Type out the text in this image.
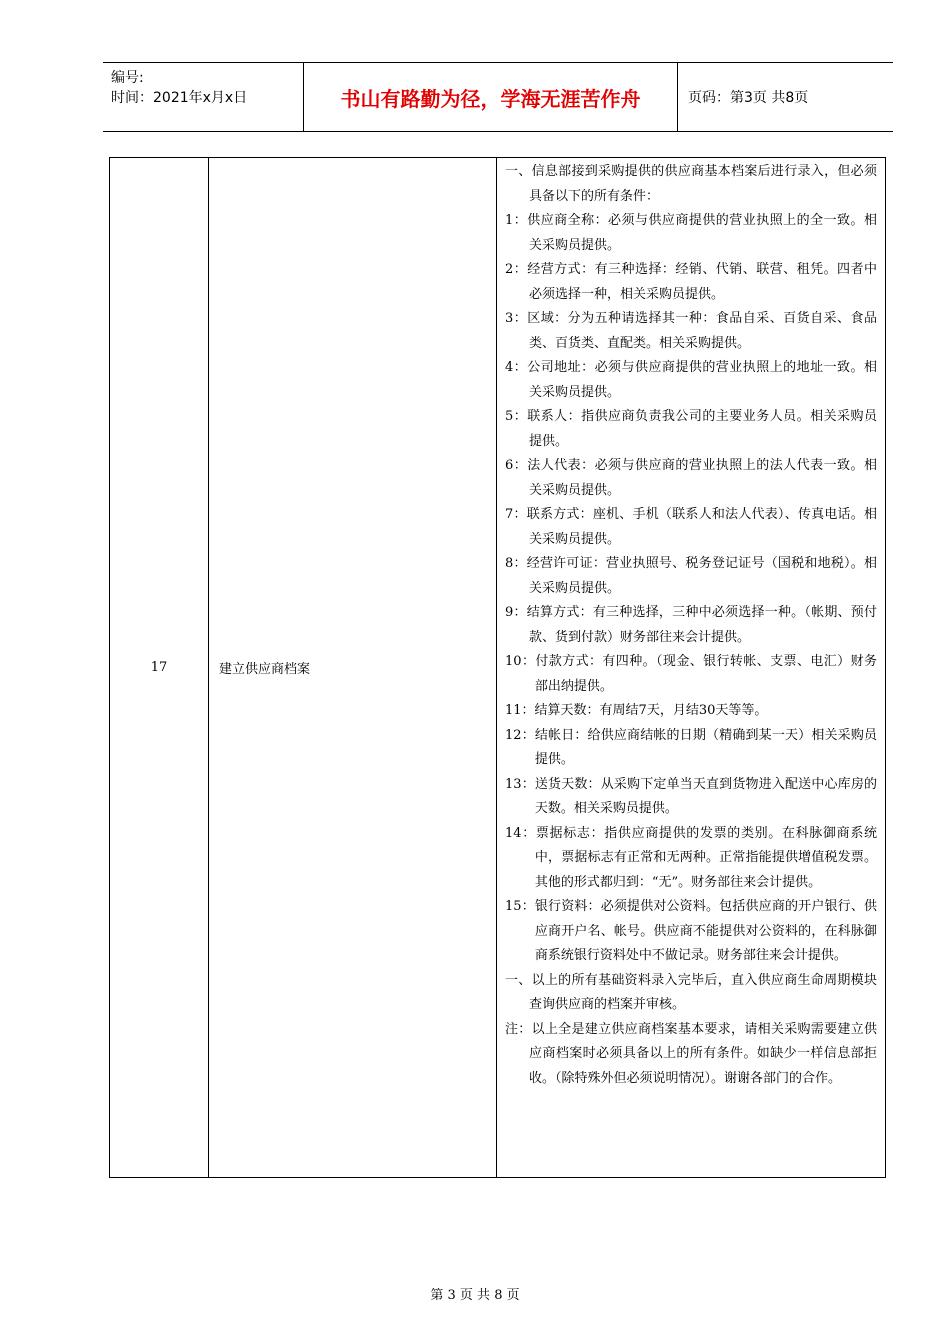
编号:
时间：2021年x月x日	书山有路勤为径，学海无涯苦作舟	页码：第3页 共8页
17	建立供应商档案
一、信息部接到采购提供的供应商基本档案后进行录入，但必须具备以下的所有条件：
1：供应商全称：必须与供应商提供的营业执照上的全一致。相关采购员提供。
2：经营方式：有三种选择：经销、代销、联营、租凭。四者中必须选择一种，相关采购员提供。
3：区域：分为五种请选择其一种：食品自采、百货自采、食品类、百货类、直配类。相关采购提供。
4：公司地址：必须与供应商提供的营业执照上的地址一致。相关采购员提供。
5：联系人：指供应商负责我公司的主要业务人员。相关采购员提供。
6：法人代表：必须与供应商的营业执照上的法人代表一致。相关采购员提供。
7：联系方式：座机、手机（联系人和法人代表）、传真电话。相关采购员提供。
8：经营许可证：营业执照号、税务登记证号（国税和地税）。相关采购员提供。
9：结算方式：有三种选择，三种中必须选择一种。（帐期、预付款、货到付款）财务部往来会计提供。
10：付款方式：有四种。（现金、银行转帐、支票、电汇）财务部出纳提供。
11：结算天数：有周结7天，月结30天等等。
12：结帐日：给供应商结帐的日期（精确到某一天）相关采购员提供。
13：送货天数：从采购下定单当天直到货物进入配送中心库房的天数。相关采购员提供。
14：票据标志：指供应商提供的发票的类别。在科脉御商系统中，票据标志有正常和无两种。正常指能提供增值税发票。其他的形式都归到：“无”。财务部往来会计提供。
15：银行资料：必须提供对公资料。包括供应商的开户银行、供应商开户名、帐号。供应商不能提供对公资料的，在科脉御商系统银行资料处中不做记录。财务部往来会计提供。
一、以上的所有基础资料录入完毕后，直入供应商生命周期模块查询供应商的档案并审核。
注：以上全是建立供应商档案基本要求，请相关采购需要建立供应商档案时必须具备以上的所有条件。如缺少一样信息部拒收。（除特殊外但必须说明情况）。谢谢各部门的合作。
第 3 页 共 8 页
